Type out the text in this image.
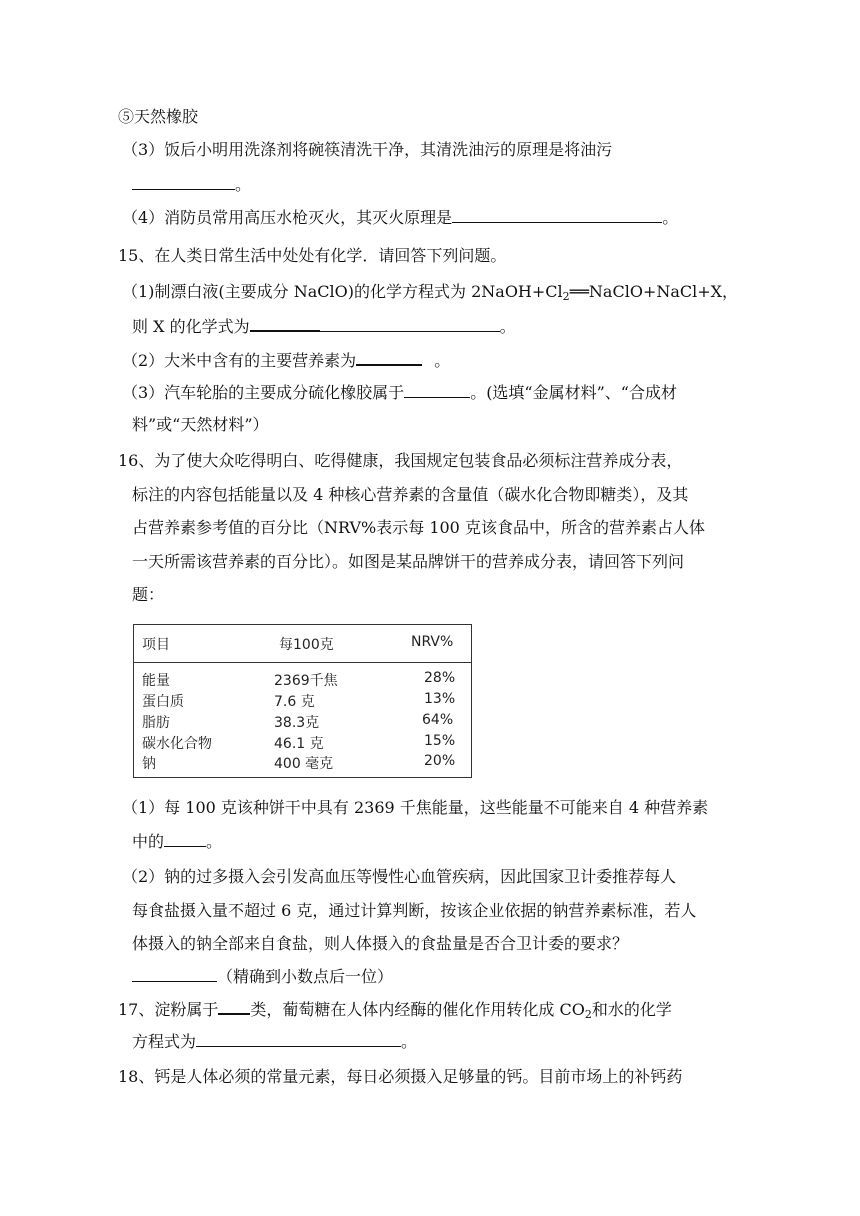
⑤天然橡胶
（3）饭后小明用洗涤剂将碗筷清洗干净，其清洗油污的原理是将油污
。
（4）消防员常用高压水枪灭火，其灭火原理是	。
15、在人类日常生活中处处有化学．请回答下列问题。
（1)制漂白液(主要成分 NaClO)的化学方程式为 $2NaOH+Cl_2══NaClO+NaCl+X$，
则 X 的化学式为	。
（2）大米中含有的主要营养素为	。
（3）汽车轮胎的主要成分硫化橡胶属于	。(选填“金属材料”、“合成材
料”或“天然材料”）
16、为了使大众吃得明白、吃得健康，我国规定包装食品必须标注营养成分表，
标注的内容包括能量以及 4 种核心营养素的含量值（碳水化合物即糖类），及其
占营养素参考值的百分比（NRV%表示每 100 克该食品中，所含的营养素占人体
一天所需该营养素的百分比）。如图是某品牌饼干的营养成分表，请回答下列问
题：
项目	每100克	NRV%
能量	2369千焦	28%
蛋白质	7.6 克	13%
脂肪	38.3克	64%
碳水化合物	46.1 克	15%
钠	400 毫克	20%
（1）每 100 克该种饼干中具有 2369 千焦能量，这些能量不可能来自 4 种营养素
中的	。
（2）钠的过多摄入会引发高血压等慢性心血管疾病，因此国家卫计委推荐每人
每食盐摄入量不超过 6 克，通过计算判断，按该企业依据的钠营养素标准，若人
体摄入的钠全部来自食盐，则人体摄入的食盐量是否合卫计委的要求？
（精确到小数点后一位）
17、淀粉属于 类，葡萄糖在人体内经酶的催化作用转化成 $CO_2$和水的化学
方程式为	。
18、钙是人体必须的常量元素，每日必须摄入足够量的钙。目前市场上的补钙药
